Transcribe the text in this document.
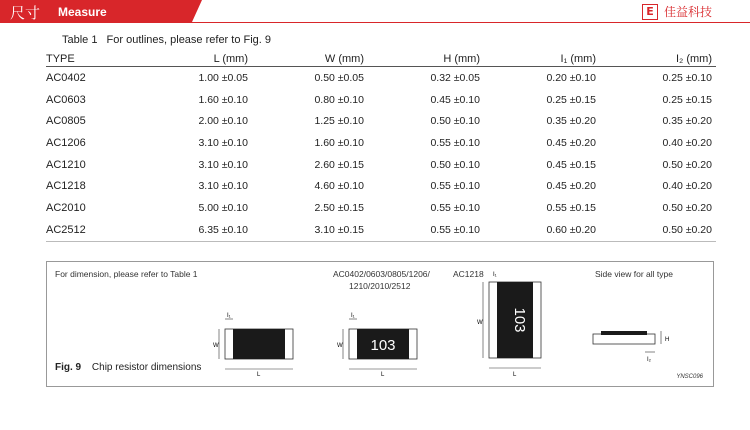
尺寸 Measure	E 佳益科技
Table 1 For outlines, please refer to Fig. 9
TYPE	L (mm)	W (mm)	H (mm)	I₁ (mm)	I₂ (mm)
AC0402	1.00 ±0.05	0.50 ±0.05	0.32 ±0.05	0.20 ±0.10	0.25 ±0.10
AC0603	1.60 ±0.10	0.80 ±0.10	0.45 ±0.10	0.25 ±0.15	0.25 ±0.15
AC0805	2.00 ±0.10	1.25 ±0.10	0.50 ±0.10	0.35 ±0.20	0.35 ±0.20
AC1206	3.10 ±0.10	1.60 ±0.10	0.55 ±0.10	0.45 ±0.20	0.40 ±0.20
AC1210	3.10 ±0.10	2.60 ±0.15	0.50 ±0.10	0.45 ±0.15	0.50 ±0.20
AC1218	3.10 ±0.10	4.60 ±0.10	0.55 ±0.10	0.45 ±0.20	0.40 ±0.20
AC2010	5.00 ±0.10	2.50 ±0.15	0.55 ±0.10	0.55 ±0.15	0.50 ±0.20
AC2512	6.35 ±0.10	3.10 ±0.15	0.55 ±0.10	0.60 ±0.20	0.50 ±0.20
For dimension, please refer to Table 1	AC0402/0603/0805/1206/
1210/2010/2512
AC1218	Side view for all type
W
L
I₁
103
W
L
I₁	103
W
L
I₁
H
I₂
Fig. 9 Chip resistor dimensions
YNSC096
